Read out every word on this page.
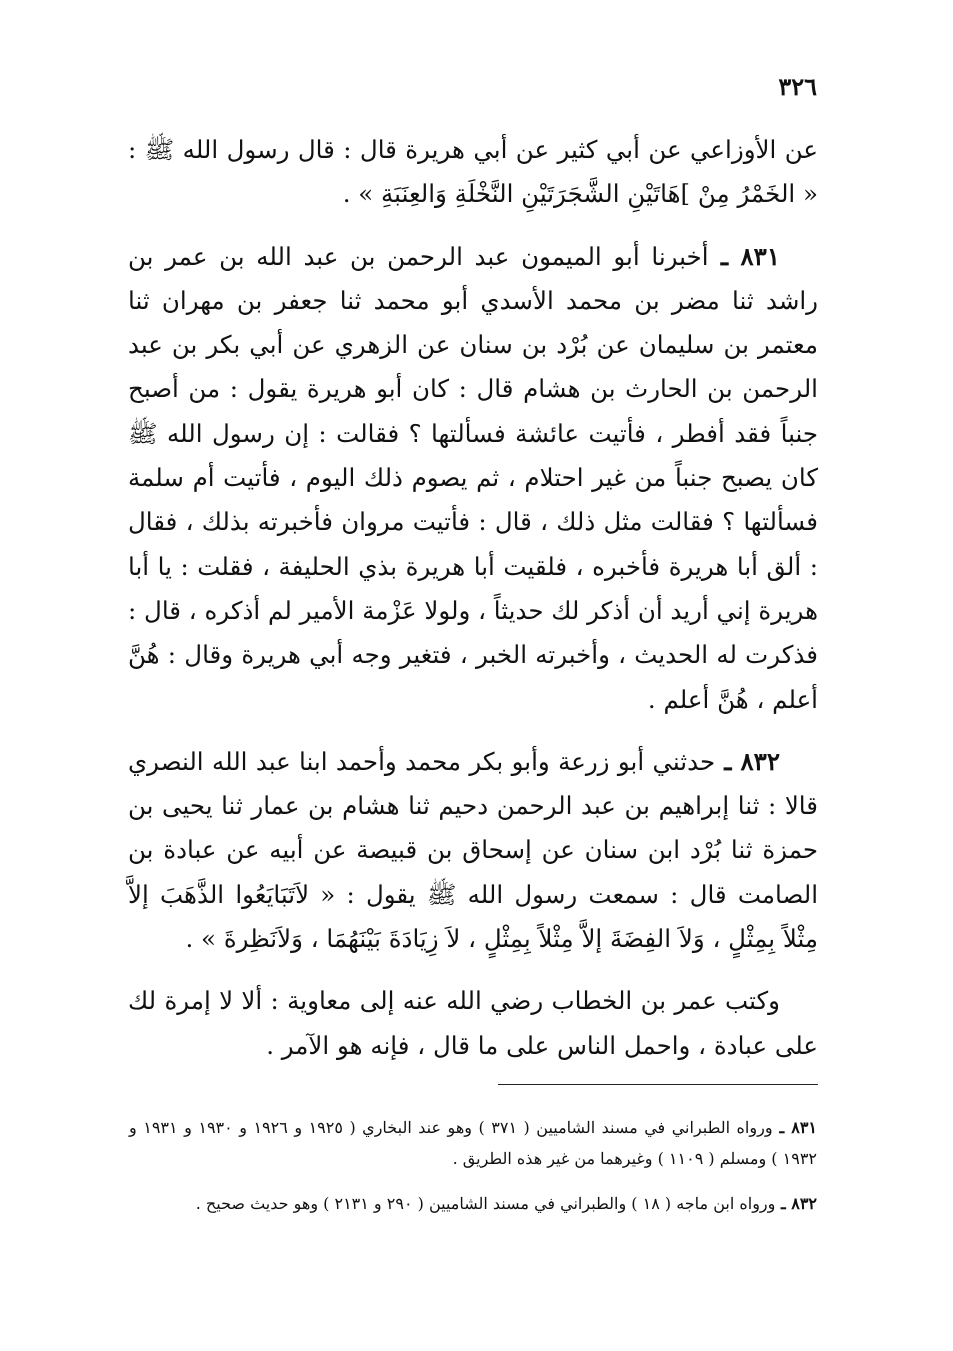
٣٢٦

عن الأوزاعي عن أبي كثير عن أبي هريرة قال : قال رسول الله ﷺ : « الخَمْرُ مِنْ ]هَاتَيْنِ الشَّجَرَتَيْنِ النَّخْلَةِ وَالعِنَبَةِ » .

٨٣١ ـ أخبرنا أبو الميمون عبد الرحمن بن عبد الله بن عمر بن راشد ثنا مضر بن محمد الأسدي أبو محمد ثنا جعفر بن مهران ثنا معتمر بن سليمان عن بُرْد بن سنان عن الزهري عن أبي بكر بن عبد الرحمن بن الحارث بن هشام قال : كان أبو هريرة يقول : من أصبح جنباً فقد أفطر ، فأتيت عائشة فسألتها ؟ فقالت : إن رسول الله ﷺ كان يصبح جنباً من غير احتلام ، ثم يصوم ذلك اليوم ، فأتيت أم سلمة فسألتها ؟ فقالت مثل ذلك ، قال : فأتيت مروان فأخبرته بذلك ، فقال : ألق أبا هريرة فأخبره ، فلقيت أبا هريرة بذي الحليفة ، فقلت : يا أبا هريرة إني أريد أن أذكر لك حديثاً ، ولولا عَزْمة الأمير لم أذكره ، قال : فذكرت له الحديث ، وأخبرته الخبر ، فتغير وجه أبي هريرة وقال : هُنَّ أعلم ، هُنَّ أعلم .

٨٣٢ ـ حدثني أبو زرعة وأبو بكر محمد وأحمد ابنا عبد الله النصري قالا : ثنا إبراهيم بن عبد الرحمن دحيم ثنا هشام بن عمار ثنا يحيى بن حمزة ثنا بُرْد ابن سنان عن إسحاق بن قبيصة عن أبيه عن عبادة بن الصامت قال : سمعت رسول الله ﷺ يقول : « لاَتَبَايَعُوا الذَّهَبَ إلاَّ مِثْلاً بِمِثْلٍ ، وَلاَ الفِضَةَ إلاَّ مِثْلاً بِمِثْلٍ ، لاَ زِيَادَةَ بَيْنَهُمَا ، وَلاَنَظِرةَ » .

وكتب عمر بن الخطاب رضي الله عنه إلى معاوية : ألا لا إمرة لك على عبادة ، واحمل الناس على ما قال ، فإنه هو الآمر .

٨٣١ ـ ورواه الطبراني في مسند الشاميين ( ٣٧١ ) وهو عند البخاري ( ١٩٢٥ و ١٩٢٦ و ١٩٣٠ و ١٩٣١ و ١٩٣٢ ) ومسلم ( ١١٠٩ ) وغيرهما من غير هذه الطريق .

٨٣٢ ـ ورواه ابن ماجه ( ١٨ ) والطبراني في مسند الشاميين ( ٢٩٠ و ٢١٣١ ) وهو حديث صحيح .
